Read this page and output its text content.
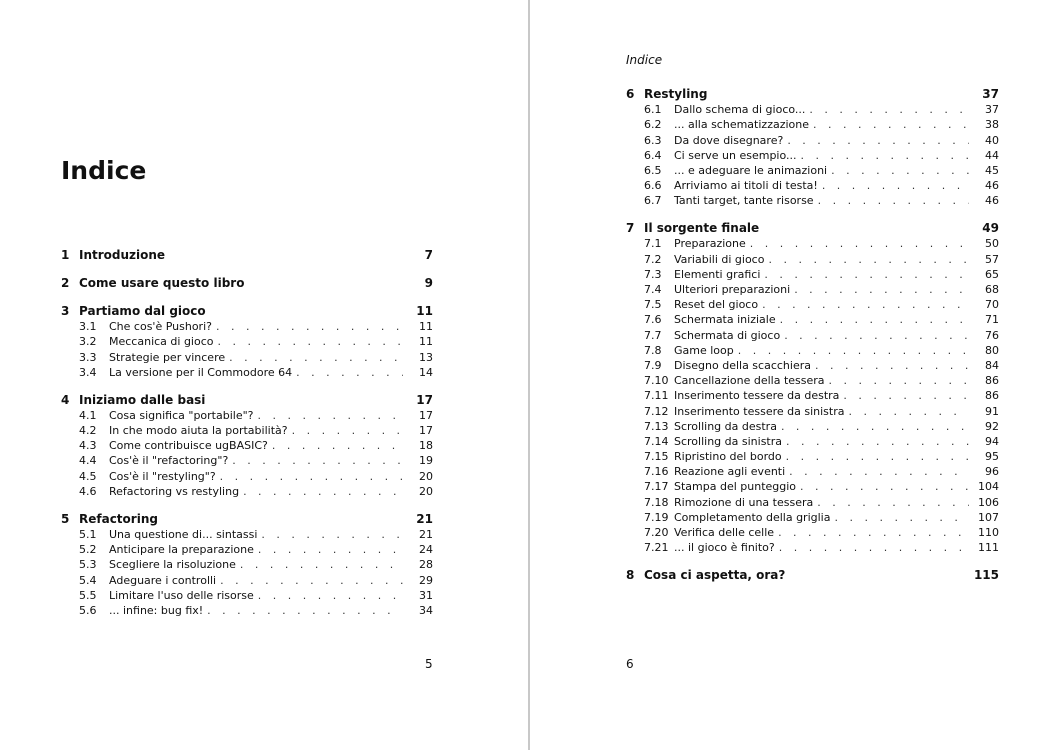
Indice
1 Introduzione	7
2 Come usare questo libro	9
3 Partiamo dal gioco	11
3.1	Che cos'è Pushori? . . .	11
3.2	Meccanica di gioco . . .	11
3.3	Strategie per vincere . . .	13
3.4	La versione per il Commodore 64 . . .	14
4 Iniziamo dalle basi	17
4.1	Cosa significa "portabile"? . . .	17
4.2	In che modo aiuta la portabilità? . . .	17
4.3	Come contribuisce ugBASIC? . . .	18
4.4	Cos'è il "refactoring"? . . .	19
4.5	Cos'è il "restyling"? . . .	20
4.6	Refactoring vs restyling . . .	20
5 Refactoring	21
5.1	Una questione di... sintassi . . .	21
5.2	Anticipare la preparazione . . .	24
5.3	Scegliere la risoluzione . . .	28
5.4	Adeguare i controlli . . .	29
5.5	Limitare l'uso delle risorse . . .	31
5.6	... infine: bug fix! . . .	34
5
Indice
6 Restyling	37
6.1	Dallo schema di gioco... . . .	37
6.2	... alla schematizzazione . . .	38
6.3	Da dove disegnare? . . .	40
6.4	Ci serve un esempio... . . .	44
6.5	... e adeguare le animazioni . . .	45
6.6	Arriviamo ai titoli di testa! . . .	46
6.7	Tanti target, tante risorse . . .	46
7 Il sorgente finale	49
7.1	Preparazione . . .	50
7.2	Variabili di gioco . . .	57
7.3	Elementi grafici . . .	65
7.4	Ulteriori preparazioni . . .	68
7.5	Reset del gioco . . .	70
7.6	Schermata iniziale . . .	71
7.7	Schermata di gioco . . .	76
7.8	Game loop . . .	80
7.9	Disegno della scacchiera . . .	84
7.10 Cancellazione della tessera . . .	86
7.11 Inserimento tessere da destra . . .	86
7.12 Inserimento tessere da sinistra . . .	91
7.13 Scrolling da destra . . .	92
7.14 Scrolling da sinistra . . .	94
7.15 Ripristino del bordo . . .	95
7.16 Reazione agli eventi . . .	96
7.17 Stampa del punteggio . . .	104
7.18 Rimozione di una tessera . . .	106
7.19 Completamento della griglia . . .	107
7.20 Verifica delle celle . . .	110
7.21 ... il gioco è finito? . . .	111
8 Cosa ci aspetta, ora?	115
6
